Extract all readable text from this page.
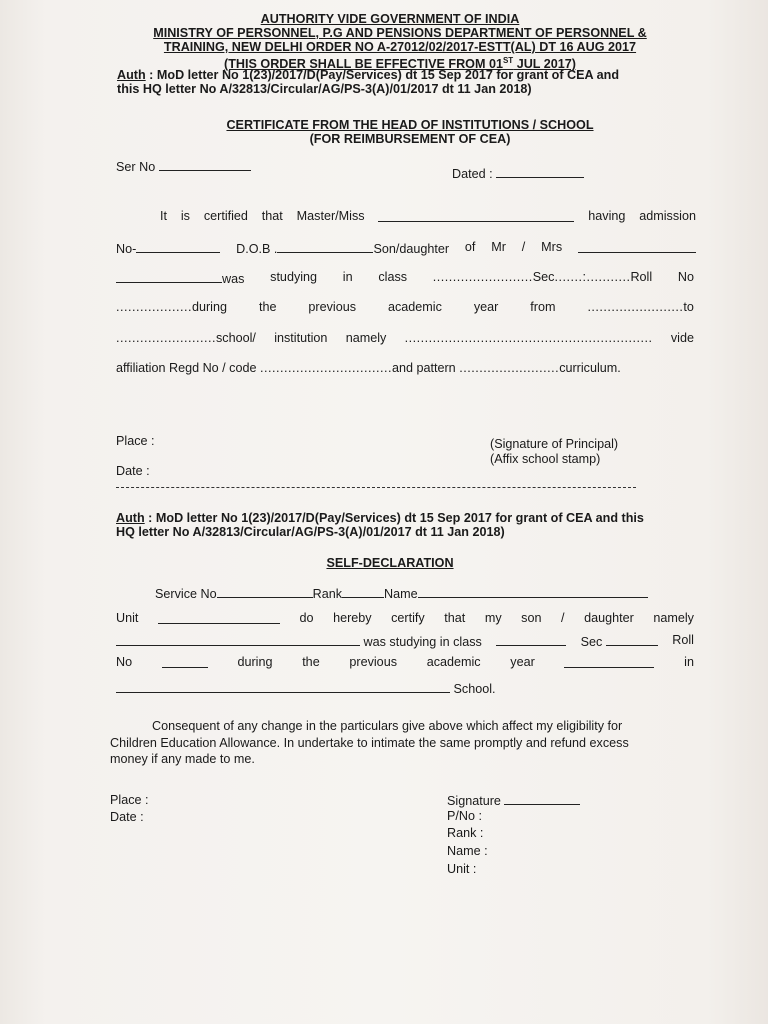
AUTHORITY VIDE GOVERNMENT OF INDIA
MINISTRY OF PERSONNEL, P.G AND PENSIONS DEPARTMENT OF PERSONNEL &
TRAINING, NEW DELHI ORDER NO A-27012/02/2017-ESTT(AL) DT 16 AUG 2017
(THIS ORDER SHALL BE EFFECTIVE FROM 01ST JUL 2017)
Auth : MoD letter No 1(23)/2017/D(Pay/Services) dt 15 Sep 2017 for grant of CEA and
this HQ letter No A/32813/Circular/AG/PS-3(A)/01/2017 dt 11 Jan 2018)
CERTIFICATE FROM THE HEAD OF INSTITUTIONS / SCHOOL
(FOR REIMBURSEMENT OF CEA)
Ser No	Dated :
It is certified that Master/Miss	having admission
No-	D.O.B .	Son/daughter of Mr / Mrs
was studying in class .........................Sec.......:...........Roll No
...................during	the	previous	academic	year	from	........................to
.........................school/ institution namely .............................................................. vide
affiliation Regd No / code .................................and pattern .........................curriculum.
Place :
Date :
(Signature of Principal)
(Affix school stamp)
Auth : MoD letter No 1(23)/2017/D(Pay/Services) dt 15 Sep 2017 for grant of CEA and this
HQ letter No A/32813/Circular/AG/PS-3(A)/01/2017 dt 11 Jan 2018)
SELF-DECLARATION
Service No	Rank	Name
Unit	do hereby certify that my son / daughter namely
was studying in class	Sec	Roll
No	during the previous academic year	in
School.
Consequent of any change in the particulars give above which affect my eligibility for
Children Education Allowance. In undertake to intimate the same promptly and refund excess
money if any made to me.
Place :
Date :
Signature
P/No :
Rank :
Name :
Unit :
